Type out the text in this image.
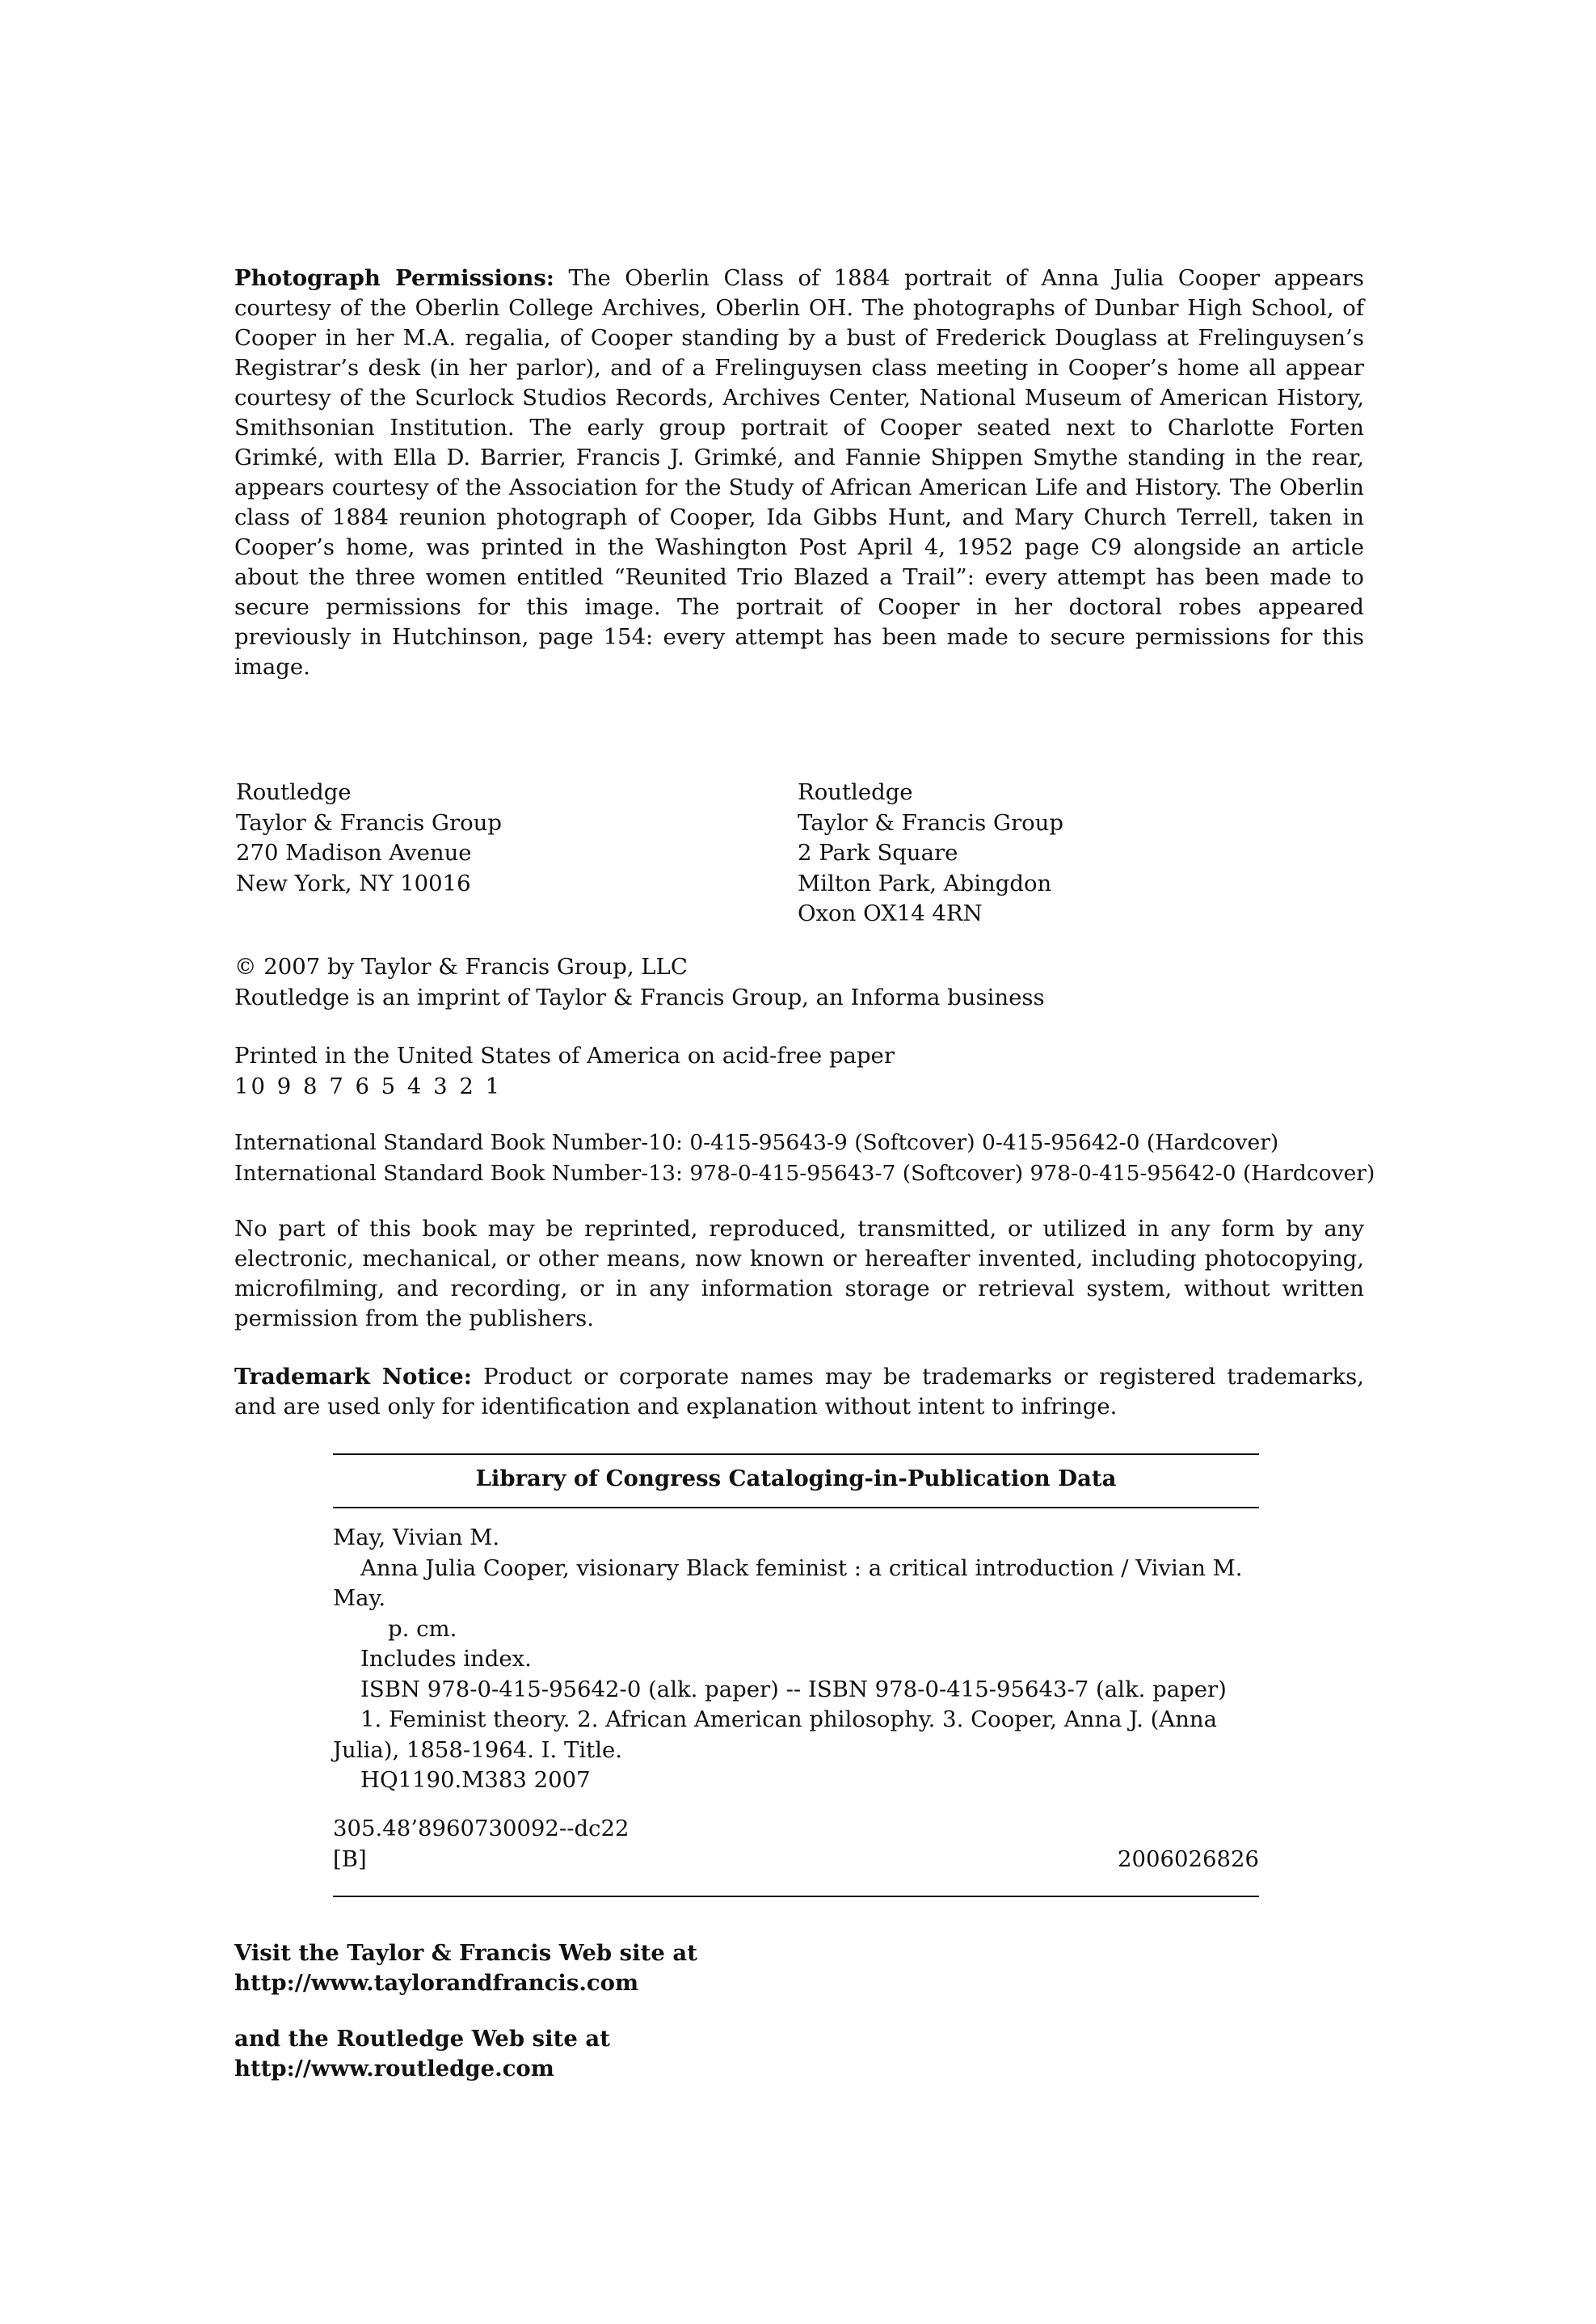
Photograph Permissions: The Oberlin Class of 1884 portrait of Anna Julia Cooper appears courtesy of the Oberlin College Archives, Oberlin OH. The photographs of Dunbar High School, of Cooper in her M.A. regalia, of Cooper standing by a bust of Frederick Douglass at Frelinguysen’s Registrar’s desk (in her parlor), and of a Frelinguysen class meeting in Cooper’s home all appear courtesy of the Scurlock Studios Records, Archives Center, National Museum of American History, Smithsonian Institution. The early group portrait of Cooper seated next to Charlotte Forten Grimké, with Ella D. Barrier, Francis J. Grimké, and Fannie Shippen Smythe standing in the rear, appears courtesy of the Association for the Study of African American Life and History. The Oberlin class of 1884 reunion photograph of Cooper, Ida Gibbs Hunt, and Mary Church Terrell, taken in Cooper’s home, was printed in the Washington Post April 4, 1952 page C9 alongside an article about the three women entitled “Reunited Trio Blazed a Trail”: every attempt has been made to secure permissions for this image. The portrait of Cooper in her doctoral robes appeared previously in Hutchinson, page 154: every attempt has been made to secure permissions for this image.

Routledge

Taylor & Francis Group

270 Madison Avenue

New York, NY 10016

Routledge

Taylor & Francis Group

2 Park Square

Milton Park, Abingdon

Oxon OX14 4RN

© 2007 by Taylor & Francis Group, LLC

Routledge is an imprint of Taylor & Francis Group, an Informa business

Printed in the United States of America on acid-free paper

10 9 8 7 6 5 4 3 2 1

International Standard Book Number-10: 0-415-95643-9 (Softcover) 0-415-95642-0 (Hardcover)

International Standard Book Number-13: 978-0-415-95643-7 (Softcover) 978-0-415-95642-0 (Hardcover)

No part of this book may be reprinted, reproduced, transmitted, or utilized in any form by any electronic, mechanical, or other means, now known or hereafter invented, including photocopying, microfilming, and recording, or in any information storage or retrieval system, without written permission from the publishers.

Trademark Notice: Product or corporate names may be trademarks or registered trademarks, and are used only for identification and explanation without intent to infringe.

Library of Congress Cataloging-in-Publication Data

May, Vivian M.

Anna Julia Cooper, visionary Black feminist : a critical introduction / Vivian M. May.

p. cm.

Includes index.

ISBN 978-0-415-95642-0 (alk. paper) -- ISBN 978-0-415-95643-7 (alk. paper)

1. Feminist theory. 2. African American philosophy. 3. Cooper, Anna J. (Anna Julia), 1858-1964. I. Title.

HQ1190.M383 2007

305.48’8960730092--dc22

[B]	2006026826

Visit the Taylor & Francis Web site at

http://www.taylorandfrancis.com

and the Routledge Web site at

http://www.routledge.com
